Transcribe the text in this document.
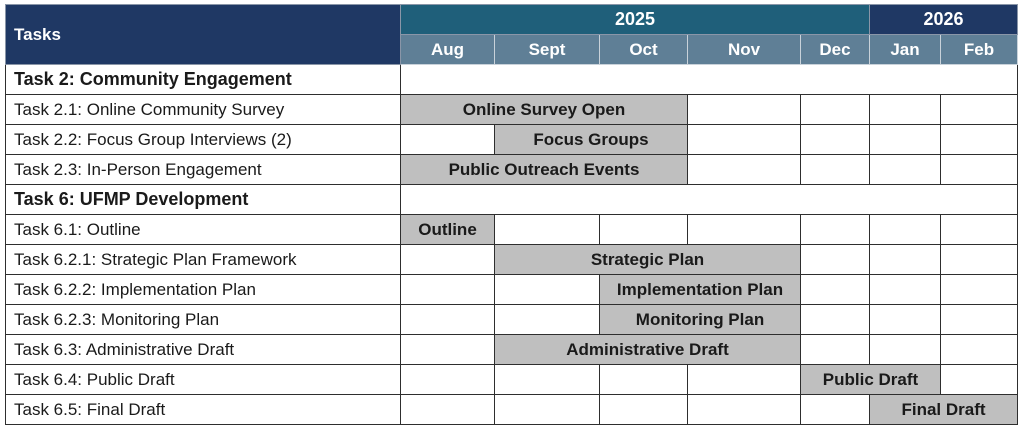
Tasks	2025					2026	
	Aug	Sept	Oct	Nov	Dec	Jan	Feb
Task 2: Community Engagement							
Task 2.1: Online Community Survey	Online Survey Open						
Task 2.2: Focus Group Interviews (2)		Focus Groups					
Task 2.3: In-Person Engagement	Public Outreach Events						
Task 6: UFMP Development							
Task 6.1: Outline	Outline						
Task 6.2.1: Strategic Plan Framework		Strategic Plan					
Task 6.2.2: Implementation Plan			Implementation Plan				
Task 6.2.3: Monitoring Plan			Monitoring Plan				
Task 6.3: Administrative Draft		Administrative Draft					
Task 6.4: Public Draft					Public Draft		
Task 6.5: Final Draft						Final Draft	
